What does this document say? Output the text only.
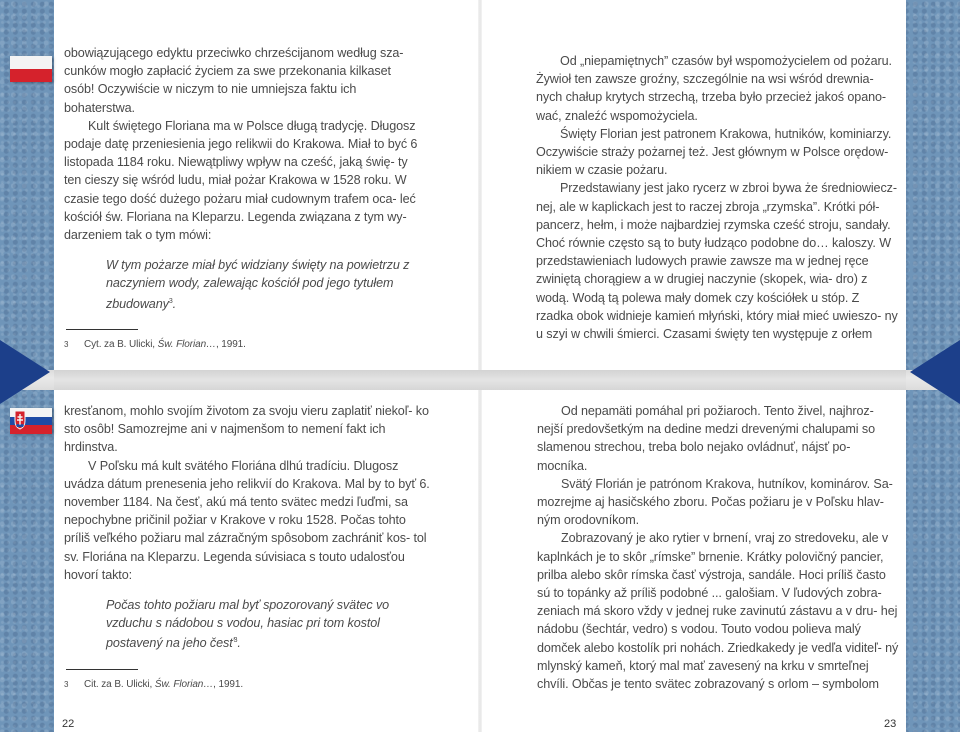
obowiązującego edyktu przeciwko chrześcijanom według sza- cunków mogło zapłacić życiem za swe przekonania kilkaset osób! Oczywiście w niczym to nie umniejsza faktu ich bohaterstwa.

Kult świętego Floriana ma w Polsce długą tradycję. Długosz podaje datę przeniesienia jego relikwii do Krakowa. Miał to być 6 listopada 1184 roku. Niewątpliwy wpływ na cześć, jaką świę- ty ten cieszy się wśród ludu, miał pożar Krakowa w 1528 roku. W czasie tego dość dużego pożaru miał cudownym trafem oca- leć kościół św. Floriana na Kleparzu. Legenda związana z tym wy- darzeniem tak o tym mówi:

W tym pożarze miał być widziany święty na powietrzu z naczyniem wody, zalewając kościół pod jego tytułem zbudowany$^3$.

3 Cyt. za B. Ulicki, Św. Florian…, 1991.

Od „niepamiętnych” czasów był wspomożycielem od pożaru. Żywioł ten zawsze groźny, szczególnie na wsi wśród drewnia- nych chałup krytych strzechą, trzeba było przecież jakoś opano- wać, znaleźć wspomożyciela.

Święty Florian jest patronem Krakowa, hutników, kominiarzy. Oczywiście straży pożarnej też. Jest głównym w Polsce orędow- nikiem w czasie pożaru.

Przedstawiany jest jako rycerz w zbroi bywa że średniowiecz- nej, ale w kaplickach jest to raczej zbroja „rzymska”. Krótki pół- pancerz, hełm, i może najbardziej rzymska cześć stroju, sandały. Choć równie często są to buty łudząco podobne do… kaloszy. W przedstawieniach ludowych prawie zawsze ma w jednej ręce zwiniętą chorągiew a w drugiej naczynie (skopek, wia- dro) z wodą. Wodą tą polewa mały domek czy kościółek u stóp. Z rzadka obok widnieje kamień młyński, który miał mieć uwieszo- ny u szyi w chwili śmierci. Czasami święty ten występuje z orłem

kresťanom, mohlo svojím životom za svoju vieru zaplatiť niekoľ- ko sto osôb! Samozrejme ani v najmenšom to nemení fakt ich hrdinstva.

V Poľsku má kult svätého Floriána dlhú tradíciu. Dlugosz uvádza dátum prenesenia jeho relikvií do Krakova. Mal by to byť 6. november 1184. Na česť, akú má tento svätec medzi ľuďmi, sa nepochybne pričinil požiar v Krakove v roku 1528. Počas tohto príliš veľkého požiaru mal zázračným spôsobom zachrániť kos- tol sv. Floriána na Kleparzu. Legenda súvisiaca s touto udalosťou hovorí takto:

Počas tohto požiaru mal byť spozorovaný svätec vo vzduchu s nádobou s vodou, hasiac pri tom kostol postavený na jeho česť$^3$.

3 Cit. za B. Ulicki, Św. Florian…, 1991.

Od nepamäti pomáhal pri požiaroch. Tento živel, najhroz- nejší predovšetkým na dedine medzi drevenými chalupami so slamenou strechou, treba bolo nejako ovládnuť, nájsť po- mocníka.

Svätý Florián je patrónom Krakova, hutníkov, kominárov. Sa- mozrejme aj hasičského zboru. Počas požiaru je v Poľsku hlav- ným orodovníkom.

Zobrazovaný je ako rytier v brnení, vraj zo stredoveku, ale v kaplnkách je to skôr „rímske” brnenie. Krátky polovičný pancier, prilba alebo skôr rímska časť výstroja, sandále. Hoci príliš často sú to topánky až príliš podobné ... galošiam. V ľudových zobra- zeniach má skoro vždy v jednej ruke zavinutú zástavu a v dru- hej nádobu (šechtár, vedro) s vodou. Touto vodou polieva malý domček alebo kostolík pri nohách. Zriedkakedy je vedľa viditeľ- ný mlynský kameň, ktorý mal mať zavesený na krku v smrteľnej chvíli. Občas je tento svätec zobrazovaný s orlom – symbolom

22	23
